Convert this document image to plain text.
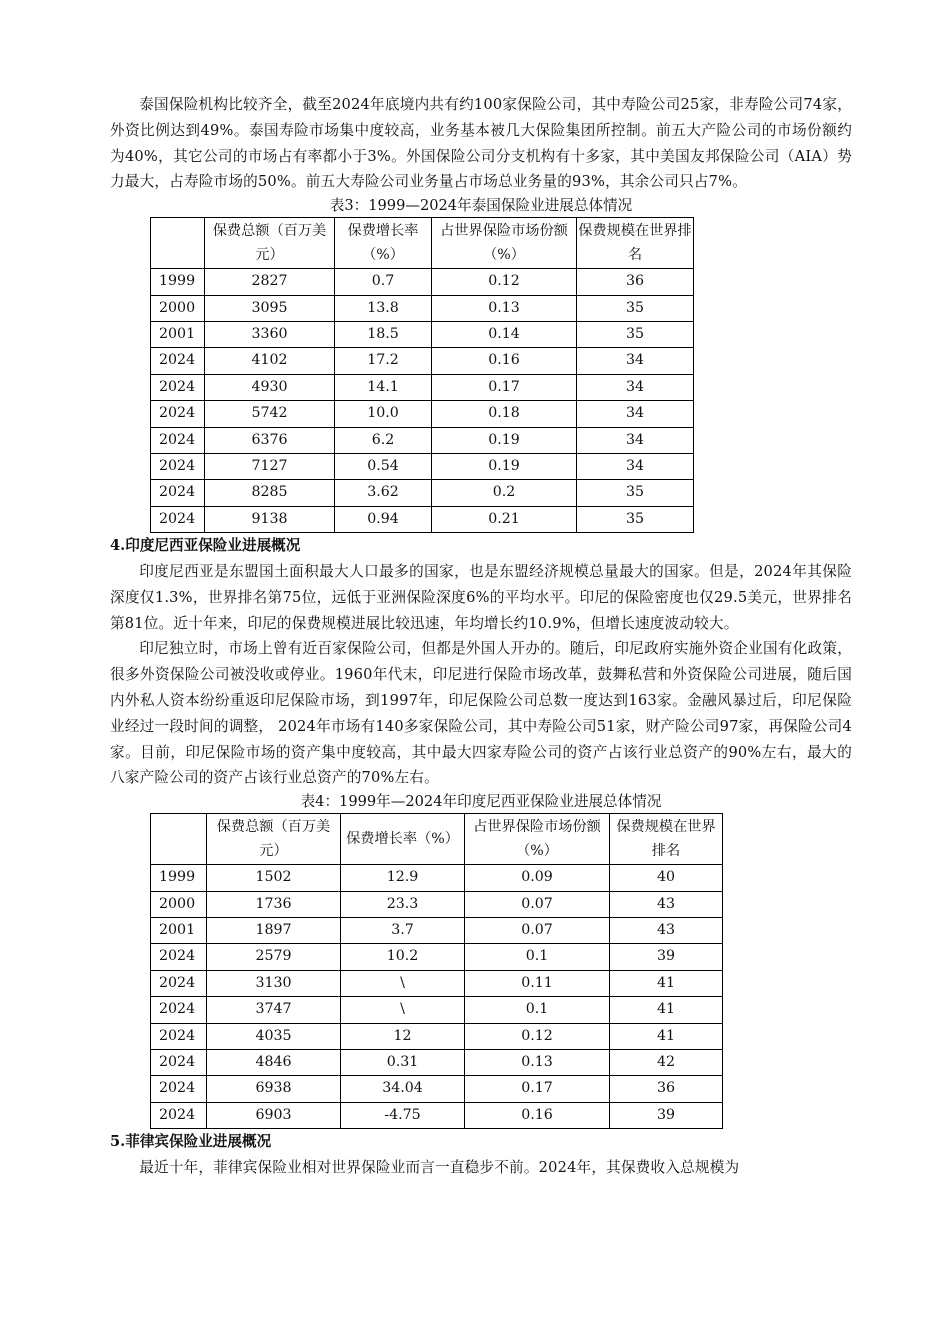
泰国保险机构比较齐全，截至2024年底境内共有约100家保险公司，其中寿险公司25家，非寿险公司74家，外资比例达到49%。泰国寿险市场集中度较高，业务基本被几大保险集团所控制。前五大产险公司的市场份额约为40%，其它公司的市场占有率都小于3%。外国保险公司分支机构有十多家，其中美国友邦保险公司（AIA）势力最大，占寿险市场的50%。前五大寿险公司业务量占市场总业务量的93%，其余公司只占7%。

表3：1999—2024年泰国保险业进展总体情况

	保费总额（百万美元）	保费增长率（%）	占世界保险市场份额（%）	保费规模在世界排名
1999	2827	0.7	0.12	36
2000	3095	13.8	0.13	35
2001	3360	18.5	0.14	35
2024	4102	17.2	0.16	34
2024	4930	14.1	0.17	34
2024	5742	10.0	0.18	34
2024	6376	6.2	0.19	34
2024	7127	0.54	0.19	34
2024	8285	3.62	0.2	35
2024	9138	0.94	0.21	35

4.印度尼西亚保险业进展概况

印度尼西亚是东盟国土面积最大人口最多的国家，也是东盟经济规模总量最大的国家。但是，2024年其保险深度仅1.3%，世界排名第75位，远低于亚洲保险深度6%的平均水平。印尼的保险密度也仅29.5美元，世界排名第81位。近十年来，印尼的保费规模进展比较迅速，年均增长约10.9%，但增长速度波动较大。

印尼独立时，市场上曾有近百家保险公司，但都是外国人开办的。随后，印尼政府实施外资企业国有化政策，很多外资保险公司被没收或停业。1960年代末，印尼进行保险市场改革，鼓舞私营和外资保险公司进展，随后国内外私人资本纷纷重返印尼保险市场，到1997年，印尼保险公司总数一度达到163家。金融风暴过后，印尼保险业经过一段时间的调整， 2024年市场有140多家保险公司，其中寿险公司51家，财产险公司97家，再保险公司4家。目前，印尼保险市场的资产集中度较高，其中最大四家寿险公司的资产占该行业总资产的90%左右，最大的八家产险公司的资产占该行业总资产的70%左右。

表4：1999年—2024年印度尼西亚保险业进展总体情况

	保费总额（百万美元）	保费增长率（%）	占世界保险市场份额（%）	保费规模在世界排名
1999	1502	12.9	0.09	40
2000	1736	23.3	0.07	43
2001	1897	3.7	0.07	43
2024	2579	10.2	0.1	39
2024	3130	\	0.11	41
2024	3747	\	0.1	41
2024	4035	12	0.12	41
2024	4846	0.31	0.13	42
2024	6938	34.04	0.17	36
2024	6903	-4.75	0.16	39

5.菲律宾保险业进展概况

最近十年，菲律宾保险业相对世界保险业而言一直稳步不前。2024年，其保费收入总规模为
